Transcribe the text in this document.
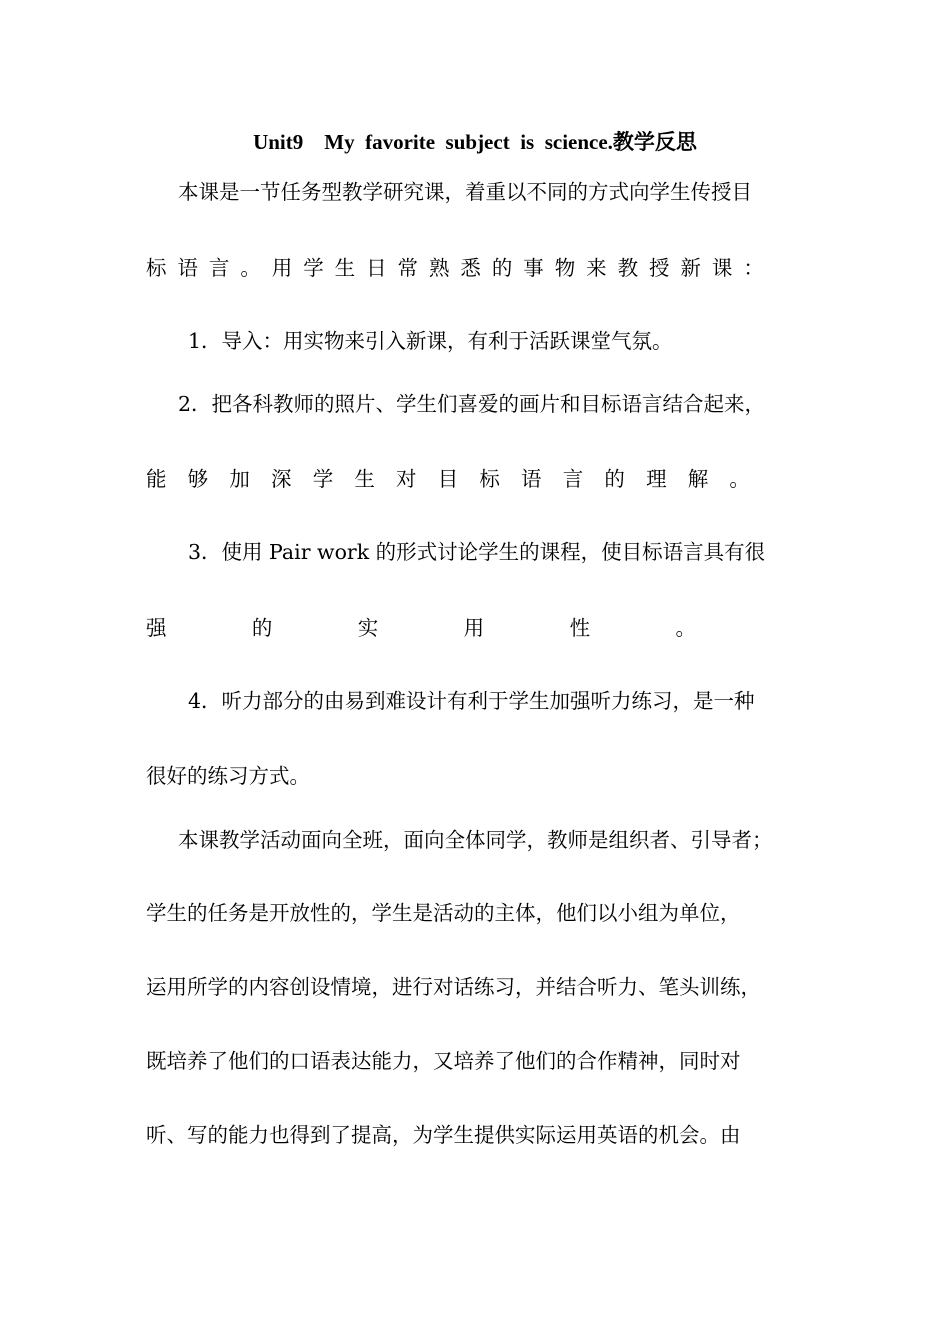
Unit9    My  favorite  subject  is  science.教学反思
本课是一节任务型教学研究课，着重以不同的方式向学生传授目
标 语 言 。 用 学 生 日 常 熟 悉 的 事 物 来 教 授 新 课 ：
1．导入：用实物来引入新课，有利于活跃课堂气氛。
2．把各科教师的照片、学生们喜爱的画片和目标语言结合起来，
能 够 加 深 学 生 对 目 标 语 言 的 理 解 。
3．使用 Pair work 的形式讨论学生的课程，使目标语言具有很
强	的	实	用	性	。
4．听力部分的由易到难设计有利于学生加强听力练习，是一种
很好的练习方式。
本课教学活动面向全班，面向全体同学，教师是组织者、引导者；
学生的任务是开放性的，学生是活动的主体，他们以小组为单位，
运用所学的内容创设情境，进行对话练习，并结合听力、笔头训练，
既培养了他们的口语表达能力，又培养了他们的合作精神，同时对
听、写的能力也得到了提高，为学生提供实际运用英语的机会。由
